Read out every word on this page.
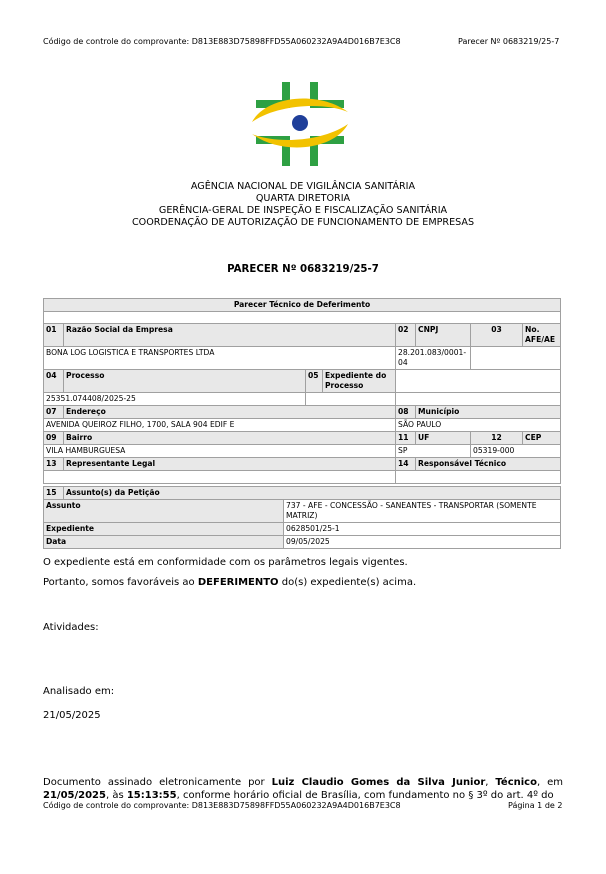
Código de controle do comprovante: D813E883D75898FFD55A060232A9A4D016B7E3C8	Parecer Nº 0683219/25-7
AGÊNCIA NACIONAL DE VIGILÂNCIA SANITÁRIA
QUARTA DIRETORIA
GERÊNCIA-GERAL DE INSPEÇÃO E FISCALIZAÇÃO SANITÁRIA
COORDENAÇÃO DE AUTORIZAÇÃO DE FUNCIONAMENTO DE EMPRESAS
PARECER Nº 0683219/25-7
Parecer Técnico de Deferimento							

01	Razão Social da Empresa			02	CNPJ	03	No. AFE/AE
BONA LOG LOGISTICA E TRANSPORTES LTDA				28.201.083/0001-04			
04	Processo		05 Expediente do Processo				

25351.074408/2025-25							
07	Endereço			08	Município		
AVENIDA QUEIROZ FILHO, 1700, SALA 904 EDIF E				SÃO PAULO			
09	Bairro			11	UF	12	CEP
VILA HAMBURGUESA				SP		05319-000	
13	Representante Legal			14	Responsável Técnico		

15	Assunto(s) da Petição						
Assunto		737 - AFE - CONCESSÃO - SANEANTES - TRANSPORTAR (SOMENTE MATRIZ)					
Expediente		0628501/25-1					
Data		09/05/2025					
O expediente está em conformidade com os parâmetros legais vigentes.
Portanto, somos favoráveis ao DEFERIMENTO do(s) expediente(s) acima.
Atividades:
Analisado em:
21/05/2025
Documento assinado eletronicamente por Luiz Claudio Gomes da Silva Junior, Técnico, em 21/05/2025, às 15:13:55, conforme horário oficial de Brasília, com fundamento no § 3º do art. 4º do
Código de controle do comprovante: D813E883D75898FFD55A060232A9A4D016B7E3C8	Página 1 de 2
